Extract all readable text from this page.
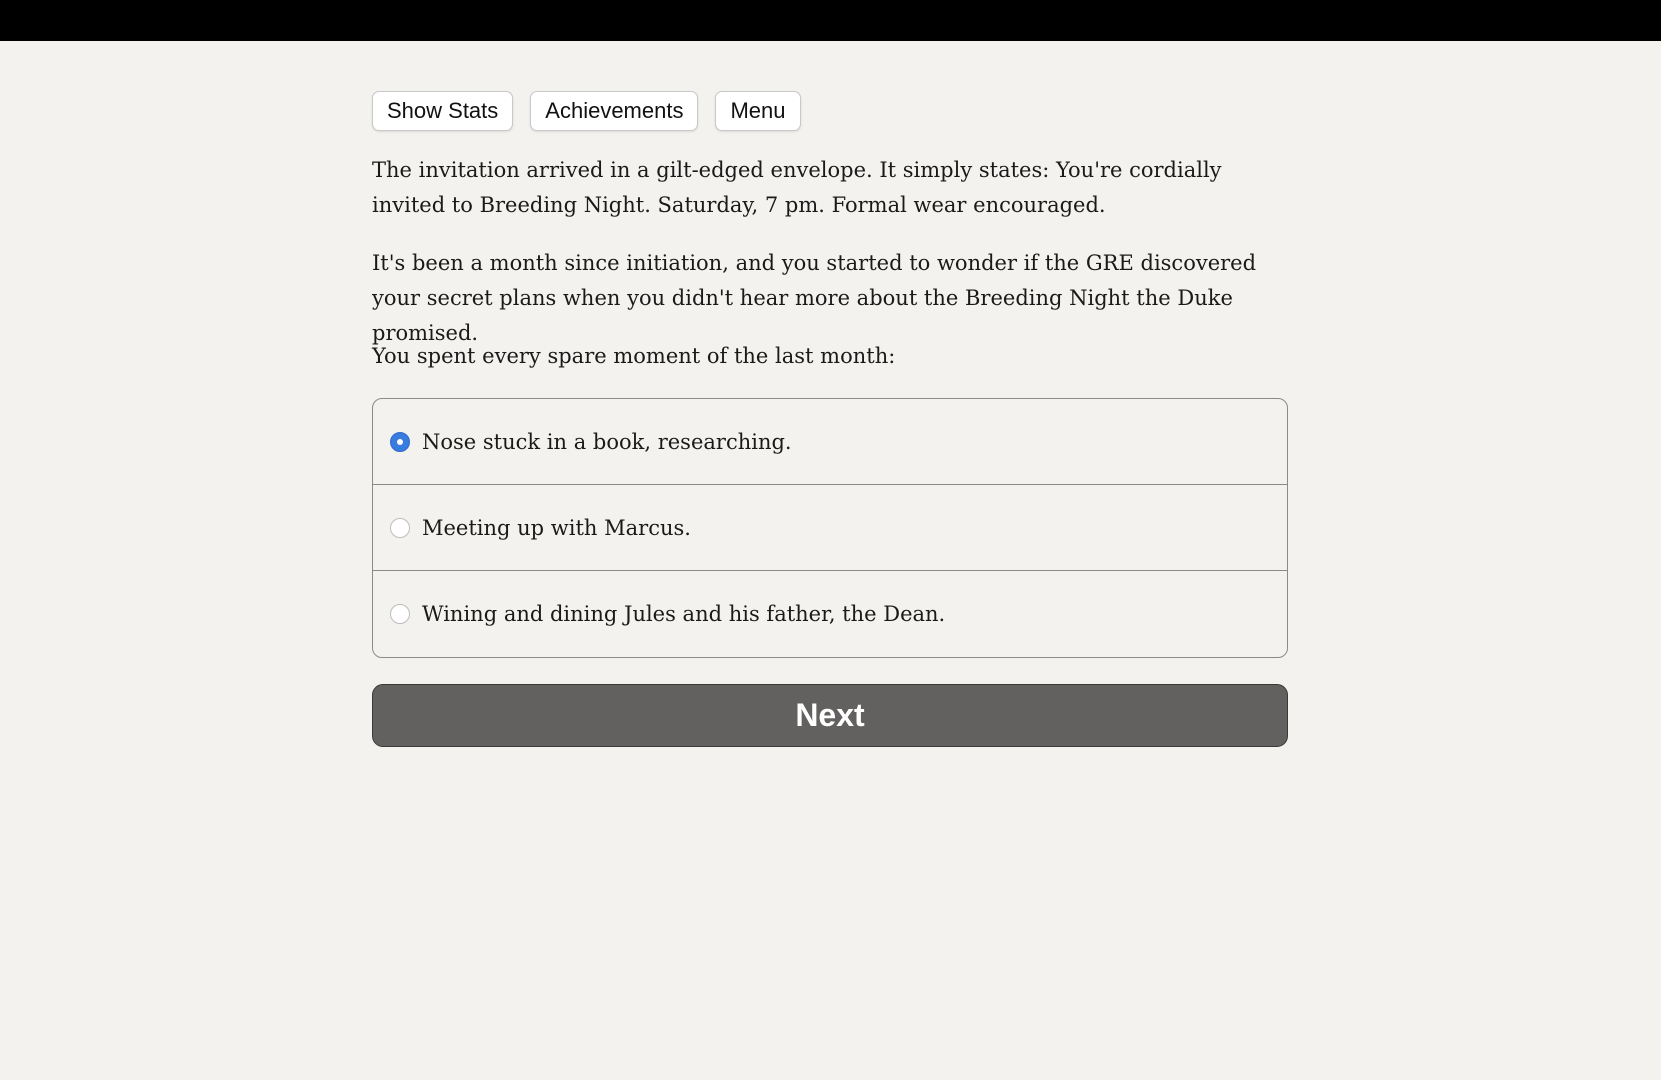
Show Stats	Achievements	Menu

The invitation arrived in a gilt-edged envelope. It simply states: You're cordially invited to Breeding Night. Saturday, 7 pm. Formal wear encouraged.

It's been a month since initiation, and you started to wonder if the GRE discovered your secret plans when you didn't hear more about the Breeding Night the Duke promised.

You spent every spare moment of the last month:

Nose stuck in a book, researching.
Meeting up with Marcus.
Wining and dining Jules and his father, the Dean.
Next
